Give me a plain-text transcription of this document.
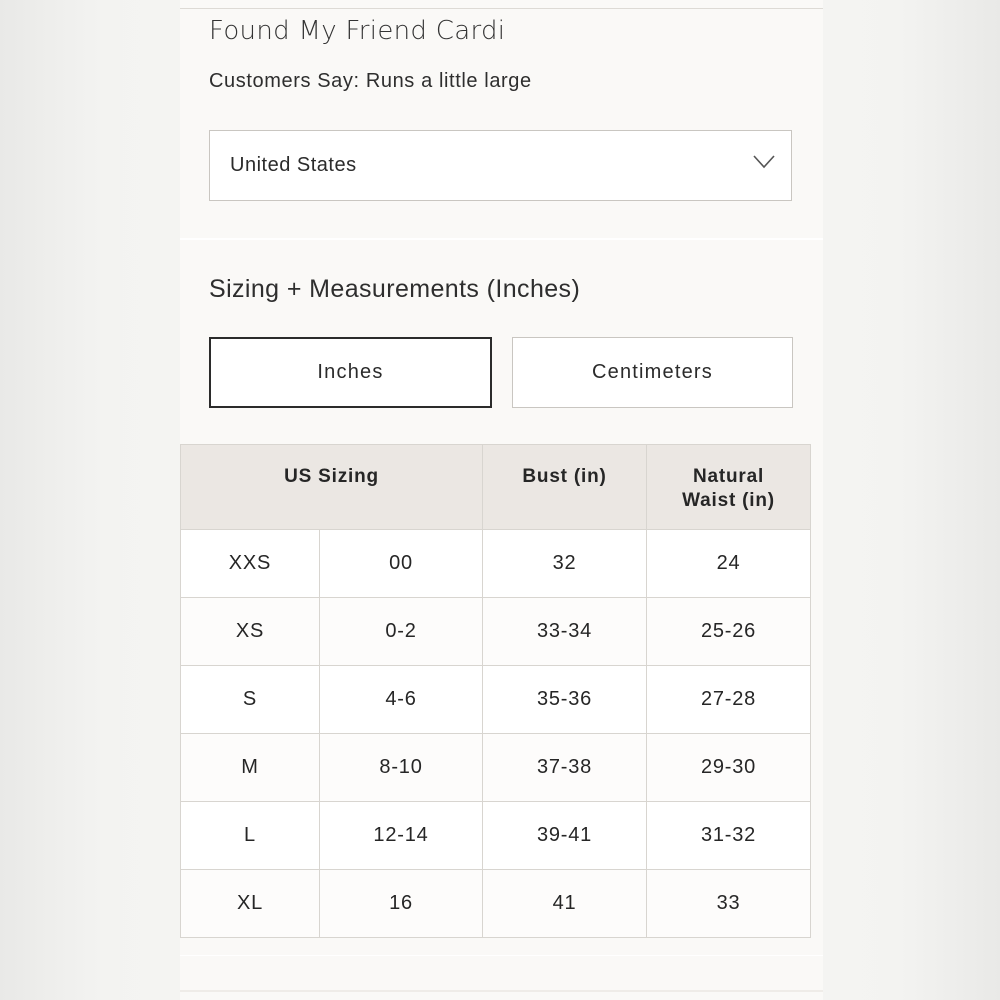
Found My Friend Cardi
Customers Say: Runs a little large
United States
Sizing + Measurements (Inches)
Inches	Centimeters
US Sizing		Bust (in)	Natural Waist (in)
XXS	00	32	24
XS	0-2	33-34	25-26
S	4-6	35-36	27-28
M	8-10	37-38	29-30
L	12-14	39-41	31-32
XL	16	41	33
